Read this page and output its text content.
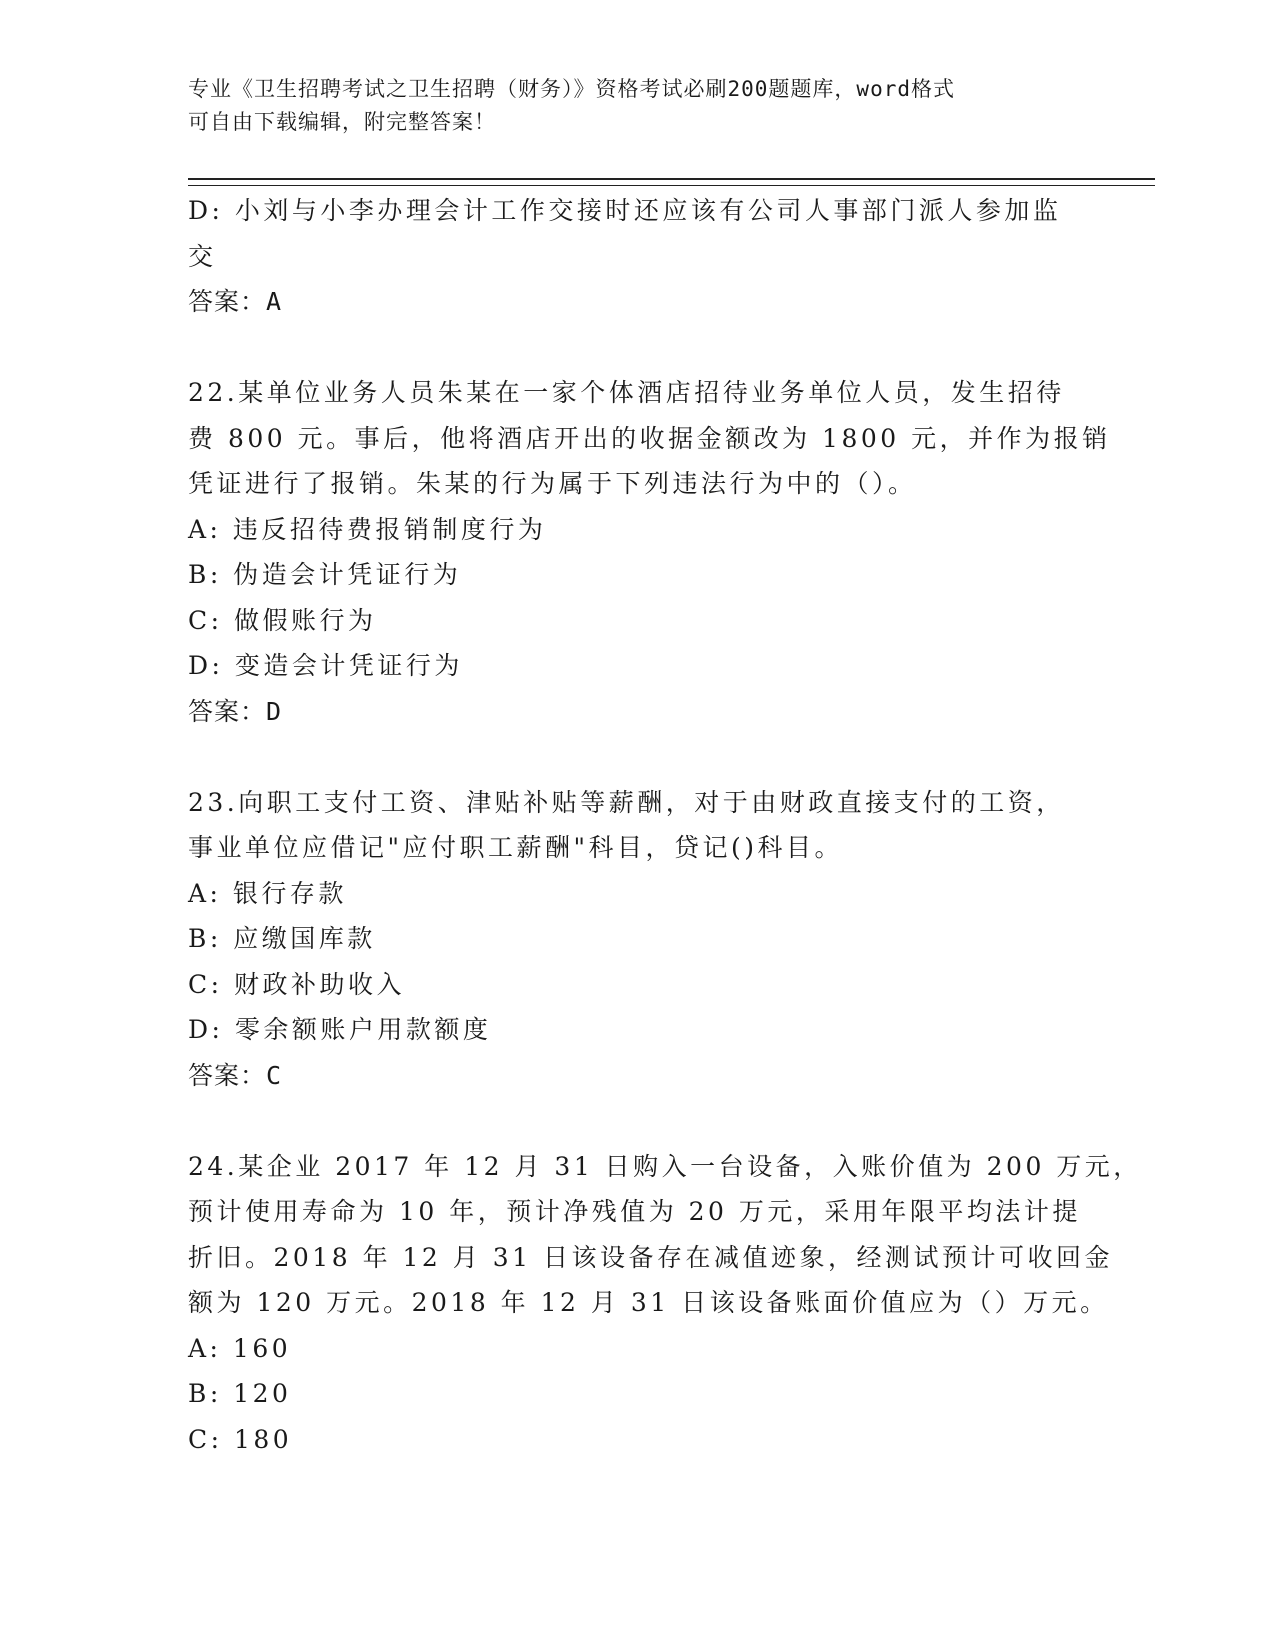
专业《卫生招聘考试之卫生招聘（财务）》资格考试必刷200题题库，word格式
可自由下载编辑，附完整答案！
D: 小刘与小李办理会计工作交接时还应该有公司人事部门派人参加监
交
答案：A
22.某单位业务人员朱某在一家个体酒店招待业务单位人员，发生招待
费 800 元。事后，他将酒店开出的收据金额改为 1800 元，并作为报销
凭证进行了报销。朱某的行为属于下列违法行为中的（）。
A: 违反招待费报销制度行为
B: 伪造会计凭证行为
C: 做假账行为
D: 变造会计凭证行为
答案：D
23.向职工支付工资、津贴补贴等薪酬，对于由财政直接支付的工资，
事业单位应借记"应付职工薪酬"科目，贷记()科目。
A: 银行存款
B: 应缴国库款
C: 财政补助收入
D: 零余额账户用款额度
答案：C
24.某企业 2017 年 12 月 31 日购入一台设备，入账价值为 200 万元，
预计使用寿命为 10 年，预计净残值为 20 万元，采用年限平均法计提
折旧。2018 年 12 月 31 日该设备存在减值迹象，经测试预计可收回金
额为 120 万元。2018 年 12 月 31 日该设备账面价值应为（）万元。
A: 160
B: 120
C: 180
